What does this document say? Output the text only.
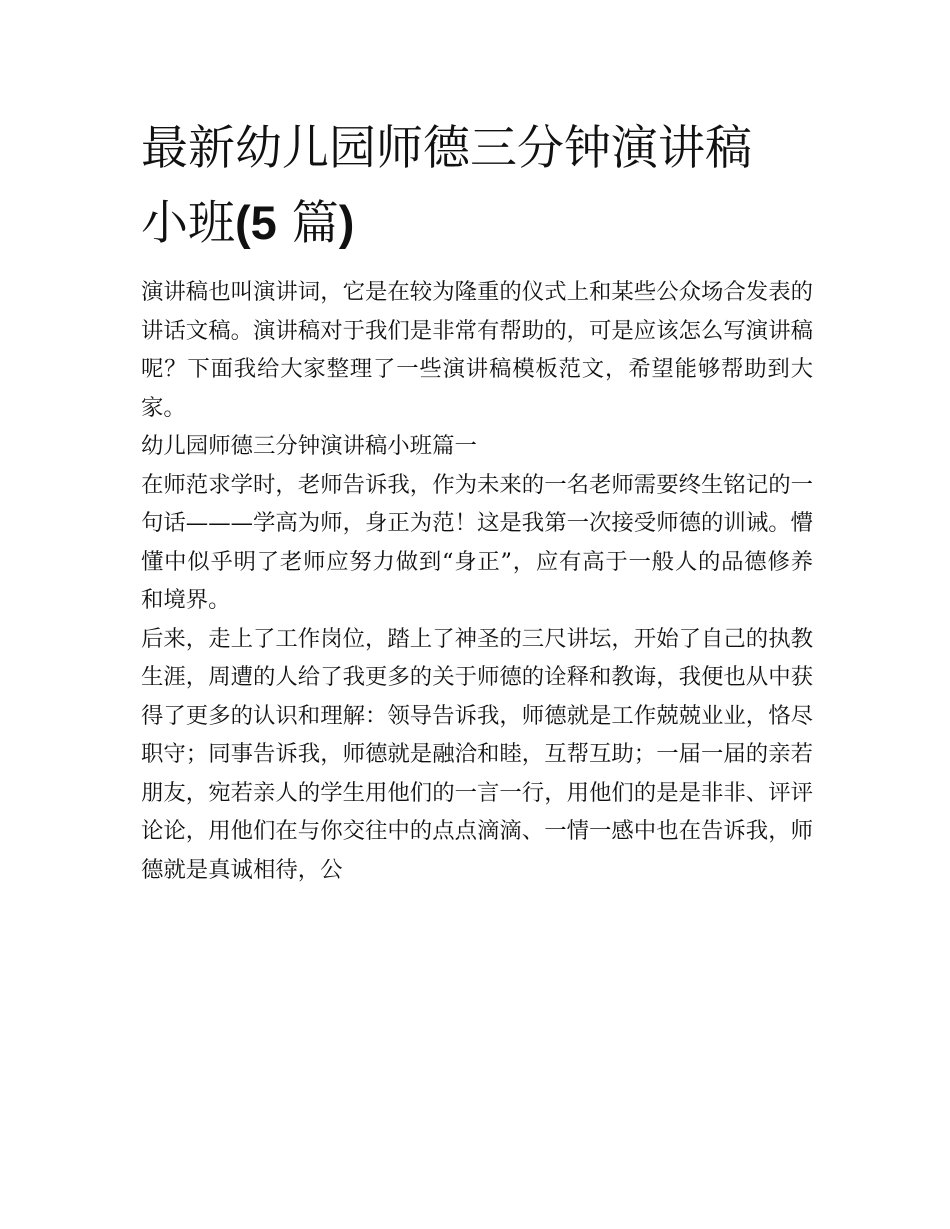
最新幼儿园师德三分钟演讲稿
小班(5 篇)

演讲稿也叫演讲词，它是在较为隆重的仪式上和某些公众场合发表的讲话文稿。演讲稿对于我们是非常有帮助的，可是应该怎么写演讲稿呢？下面我给大家整理了一些演讲稿模板范文，希望能够帮助到大家。

幼儿园师德三分钟演讲稿小班篇一

在师范求学时，老师告诉我，作为未来的一名老师需要终生铭记的一句话———学高为师，身正为范！这是我第一次接受师德的训诫。懵懂中似乎明了老师应努力做到“身正”，应有高于一般人的品德修养和境界。

后来，走上了工作岗位，踏上了神圣的三尺讲坛，开始了自己的执教生涯，周遭的人给了我更多的关于师德的诠释和教诲，我便也从中获得了更多的认识和理解：领导告诉我，师德就是工作兢兢业业，恪尽职守；同事告诉我，师德就是融洽和睦，互帮互助；一届一届的亲若朋友，宛若亲人的学生用他们的一言一行，用他们的是是非非、评评论论，用他们在与你交往中的点点滴滴、一情一感中也在告诉我，师德就是真诚相待，公
